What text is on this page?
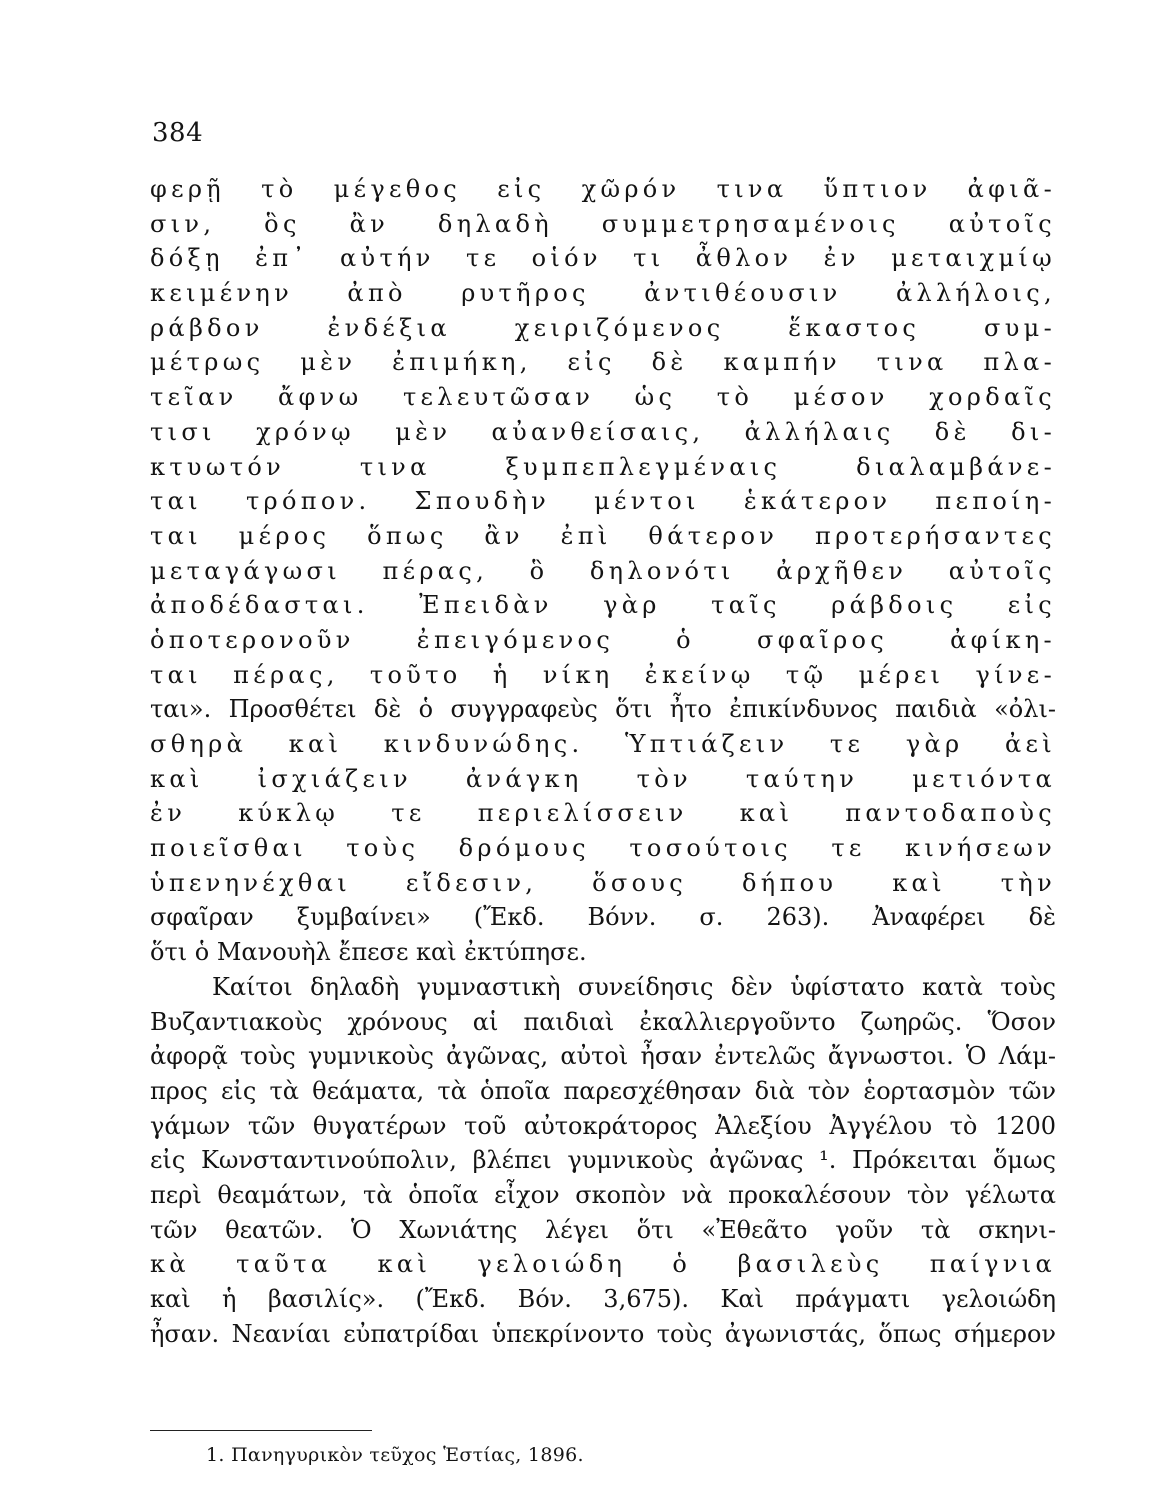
384
φερῇ τὸ μέγεθος εἰς χῶρόν τινα ὕπτιον ἀφιᾶ-
σιν, ὃς ἂν δηλαδὴ συμμετρησαμένοις αὐτοῖς
δόξῃ ἐπ᾽ αὐτήν τε οἱόν τι ἆθλον ἐν μεταιχμίῳ
κειμένην ἀπὸ ρυτῆρος ἀντιθέουσιν ἀλλήλοις,
ράβδον ἐνδέξια χειριζόμενος ἕκαστος συμ-
μέτρως μὲν ἐπιμήκη, εἰς δὲ καμπήν τινα πλα-
τεῖαν ἄφνω τελευτῶσαν ὡς τὸ μέσον χορδαῖς
τισι χρόνῳ μὲν αὐανθείσαις, ἀλλήλαις δὲ δι-
κτυωτόν τινα ξυμπεπλεγμέναις διαλαμβάνε-
ται τρόπον. Σπουδὴν μέντοι ἑκάτερον πεποίη-
ται μέρος ὅπως ἂν ἐπὶ θάτερον προτερήσαντες
μεταγάγωσι πέρας, ὃ δηλονότι ἀρχῆθεν αὐτοῖς
ἀποδέδασται. Ἐπειδὰν γὰρ ταῖς ράβδοις εἰς
ὁποτερονοῦν ἐπειγόμενος ὁ σφαῖρος ἀφίκη-
ται πέρας, τοῦτο ἡ νίκη ἐκείνῳ τῷ μέρει γίνε-
ται». Προσθέτει δὲ ὁ συγγραφεὺς ὅτι ἦτο ἐπικίνδυνος παιδιὰ «ὀλι-
σθηρὰ καὶ κινδυνώδης. Ὑπτιάζειν τε γὰρ ἀεὶ
καὶ ἰσχιάζειν ἀνάγκη τὸν ταύτην μετιόντα
ἐν κύκλῳ τε περιελίσσειν καὶ παντοδαποὺς
ποιεῖσθαι τοὺς δρόμους τοσούτοις τε κινήσεων
ὑπενηνέχθαι εἴδεσιν, ὅσους δήπου καὶ τὴν
σφαῖραν ξυμβαίνει» (Ἔκδ. Βόνν. σ. 263). Ἀναφέρει δὲ
ὅτι ὁ Μανουὴλ ἔπεσε καὶ ἐκτύπησε.
Καίτοι δηλαδὴ γυμναστικὴ συνείδησις δὲν ὑφίστατο κατὰ τοὺς
Βυζαντιακοὺς χρόνους αἱ παιδιαὶ ἐκαλλιεργοῦντο ζωηρῶς. Ὅσον
ἀφορᾷ τοὺς γυμνικοὺς ἀγῶνας, αὐτοὶ ἦσαν ἐντελῶς ἄγνωστοι. Ὁ Λάμ-
προς εἰς τὰ θεάματα, τὰ ὁποῖα παρεσχέθησαν διὰ τὸν ἑορτασμὸν τῶν
γάμων τῶν θυγατέρων τοῦ αὐτοκράτορος Ἀλεξίου Ἀγγέλου τὸ 1200
εἰς Κωνσταντινούπολιν, βλέπει γυμνικοὺς ἀγῶνας ¹. Πρόκειται ὅμως
περὶ θεαμάτων, τὰ ὁποῖα εἶχον σκοπὸν νὰ προκαλέσουν τὸν γέλωτα
τῶν θεατῶν. Ὁ Χωνιάτης λέγει ὅτι «Ἐθεᾶτο γοῦν τὰ σκηνι-
κὰ ταῦτα καὶ γελοιώδη ὁ βασιλεὺς παίγνια
καὶ ἡ βασιλίς». (Ἔκδ. Βόν. 3,675). Καὶ πράγματι γελοιώδη
ἦσαν. Νεανίαι εὐπατρίδαι ὑπεκρίνοντο τοὺς ἀγωνιστάς, ὅπως σήμερον
1. Πανηγυρικὸν τεῦχος Ἑστίας, 1896.
